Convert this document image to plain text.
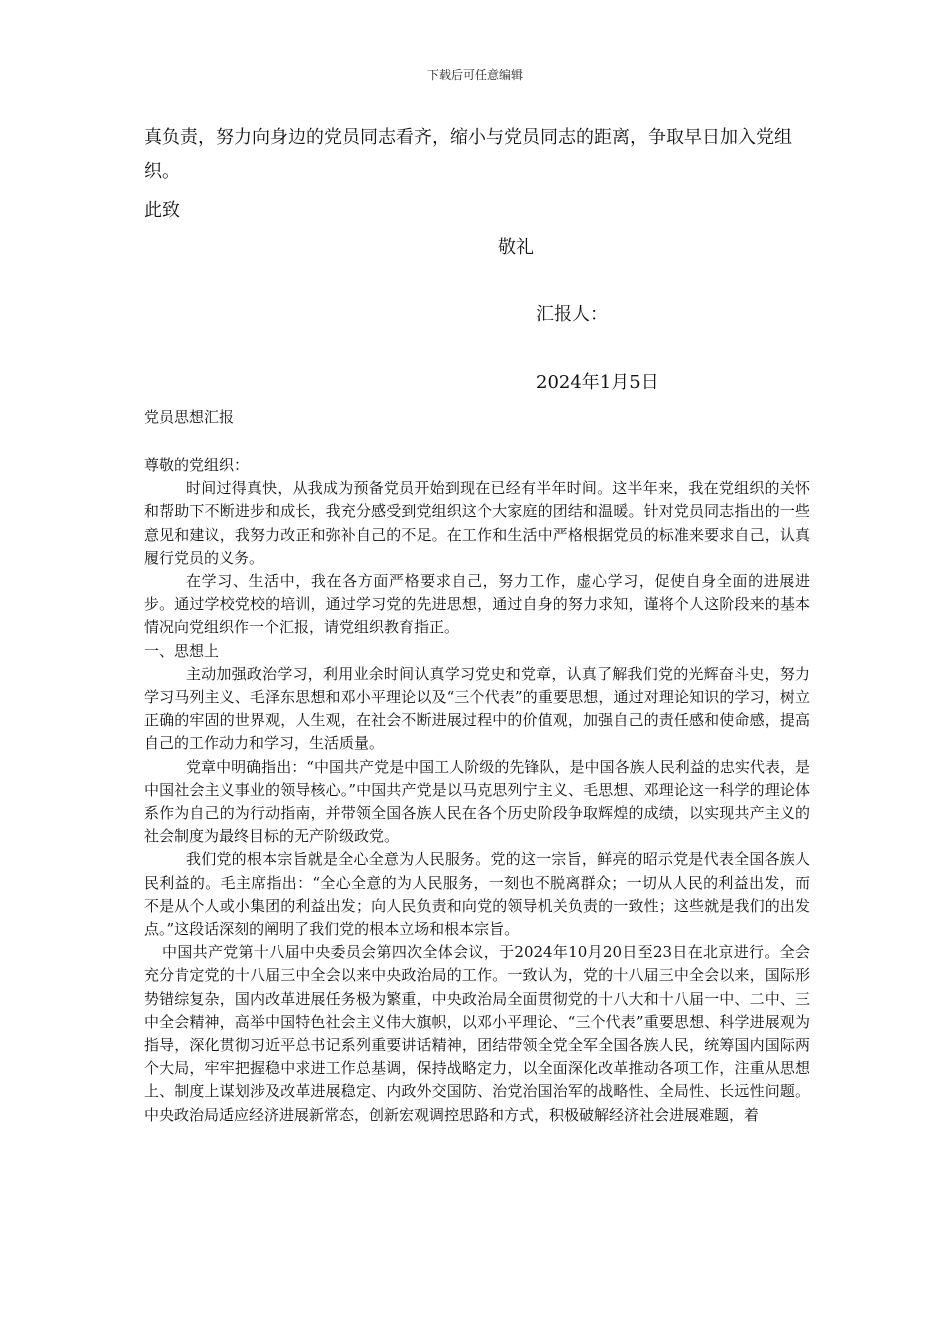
下载后可任意编辑
真负责，努力向身边的党员同志看齐，缩小与党员同志的距离，争取早日加入党组织。
此致
敬礼
汇报人：
2024年1月5日
党员思想汇报

尊敬的党组织：

时间过得真快，从我成为预备党员开始到现在已经有半年时间。这半年来，我在党组织的关怀和帮助下不断进步和成长，我充分感受到党组织这个大家庭的团结和温暖。针对党员同志指出的一些意见和建议，我努力改正和弥补自己的不足。在工作和生活中严格根据党员的标准来要求自己，认真履行党员的义务。

在学习、生活中，我在各方面严格要求自己，努力工作，虚心学习，促使自身全面的进展进步。通过学校党校的培训，通过学习党的先进思想，通过自身的努力求知，谨将个人这阶段来的基本情况向党组织作一个汇报，请党组织教育指正。

一、思想上

主动加强政治学习，利用业余时间认真学习党史和党章，认真了解我们党的光辉奋斗史，努力学习马列主义、毛泽东思想和邓小平理论以及“三个代表”的重要思想，通过对理论知识的学习，树立正确的牢固的世界观，人生观，在社会不断进展过程中的价值观，加强自己的责任感和使命感，提高自己的工作动力和学习，生活质量。

党章中明确指出：“中国共产党是中国工人阶级的先锋队，是中国各族人民利益的忠实代表，是中国社会主义事业的领导核心。”中国共产党是以马克思列宁主义、毛思想、邓理论这一科学的理论体系作为自己的为行动指南，并带领全国各族人民在各个历史阶段争取辉煌的成绩，以实现共产主义的社会制度为最终目标的无产阶级政党。

我们党的根本宗旨就是全心全意为人民服务。党的这一宗旨，鲜亮的昭示党是代表全国各族人民利益的。毛主席指出：“全心全意的为人民服务，一刻也不脱离群众；一切从人民的利益出发，而不是从个人或小集团的利益出发；向人民负责和向党的领导机关负责的一致性；这些就是我们的出发点。”这段话深刻的阐明了我们党的根本立场和根本宗旨。

中国共产党第十八届中央委员会第四次全体会议，于2024年10月20日至23日在北京进行。全会充分肯定党的十八届三中全会以来中央政治局的工作。一致认为，党的十八届三中全会以来，国际形势错综复杂，国内改革进展任务极为繁重，中央政治局全面贯彻党的十八大和十八届一中、二中、三中全会精神，高举中国特色社会主义伟大旗帜，以邓小平理论、“三个代表”重要思想、科学进展观为指导，深化贯彻习近平总书记系列重要讲话精神，团结带领全党全军全国各族人民，统筹国内国际两个大局，牢牢把握稳中求进工作总基调，保持战略定力，以全面深化改革推动各项工作，注重从思想上、制度上谋划涉及改革进展稳定、内政外交国防、治党治国治军的战略性、全局性、长远性问题。中央政治局适应经济进展新常态，创新宏观调控思路和方式，积极破解经济社会进展难题，着
